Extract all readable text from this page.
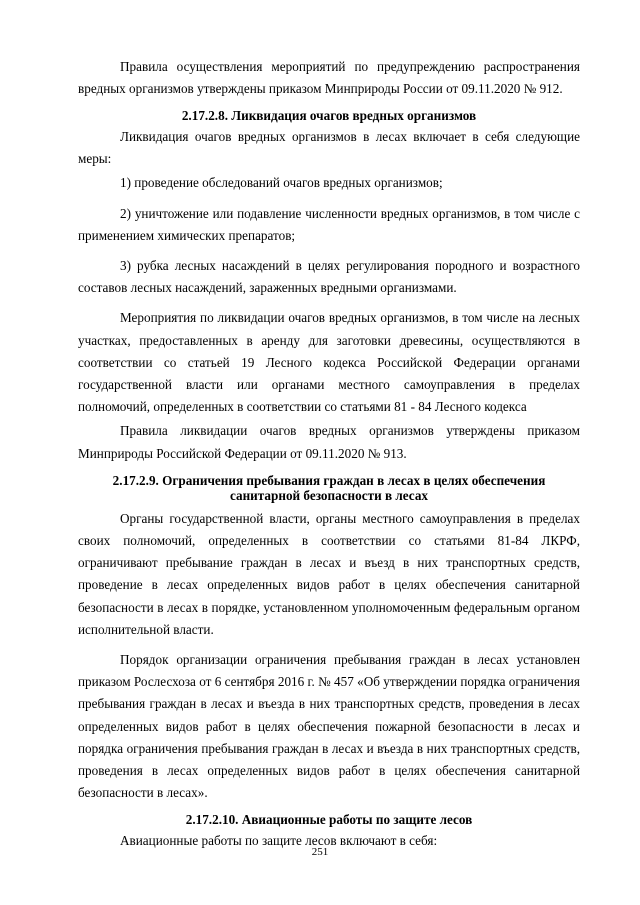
Правила осуществления мероприятий по предупреждению распространения вредных организмов утверждены приказом Минприроды России от 09.11.2020 № 912.

2.17.2.8. Ликвидация очагов вредных организмов

Ликвидация очагов вредных организмов в лесах включает в себя следующие меры:

1) проведение обследований очагов вредных организмов;

2) уничтожение или подавление численности вредных организмов, в том числе с применением химических препаратов;

3) рубка лесных насаждений в целях регулирования породного и возрастного составов лесных насаждений, зараженных вредными организмами.

Мероприятия по ликвидации очагов вредных организмов, в том числе на лесных участках, предоставленных в аренду для заготовки древесины, осуществляются в соответствии со статьей 19 Лесного кодекса Российской Федерации органами государственной власти или органами местного самоуправления в пределах полномочий, определенных в соответствии со статьями 81 - 84 Лесного кодекса

Правила ликвидации очагов вредных организмов утверждены приказом Минприроды Российской Федерации от 09.11.2020 № 913.

2.17.2.9. Ограничения пребывания граждан в лесах в целях обеспечения санитарной безопасности в лесах

Органы государственной власти, органы местного самоуправления в пределах своих полномочий, определенных в соответствии со статьями 81-84 ЛКРФ, ограничивают пребывание граждан в лесах и въезд в них транспортных средств, проведение в лесах определенных видов работ в целях обеспечения санитарной безопасности в лесах в порядке, установленном уполномоченным федеральным органом исполнительной власти.

Порядок организации ограничения пребывания граждан в лесах установлен приказом Рослесхоза от 6 сентября 2016 г. № 457 «Об утверждении порядка ограничения пребывания граждан в лесах и въезда в них транспортных средств, проведения в лесах определенных видов работ в целях обеспечения пожарной безопасности в лесах и порядка ограничения пребывания граждан в лесах и въезда в них транспортных средств, проведения в лесах определенных видов работ в целях обеспечения санитарной безопасности в лесах».

2.17.2.10. Авиационные работы по защите лесов

Авиационные работы по защите лесов включают в себя:

251
